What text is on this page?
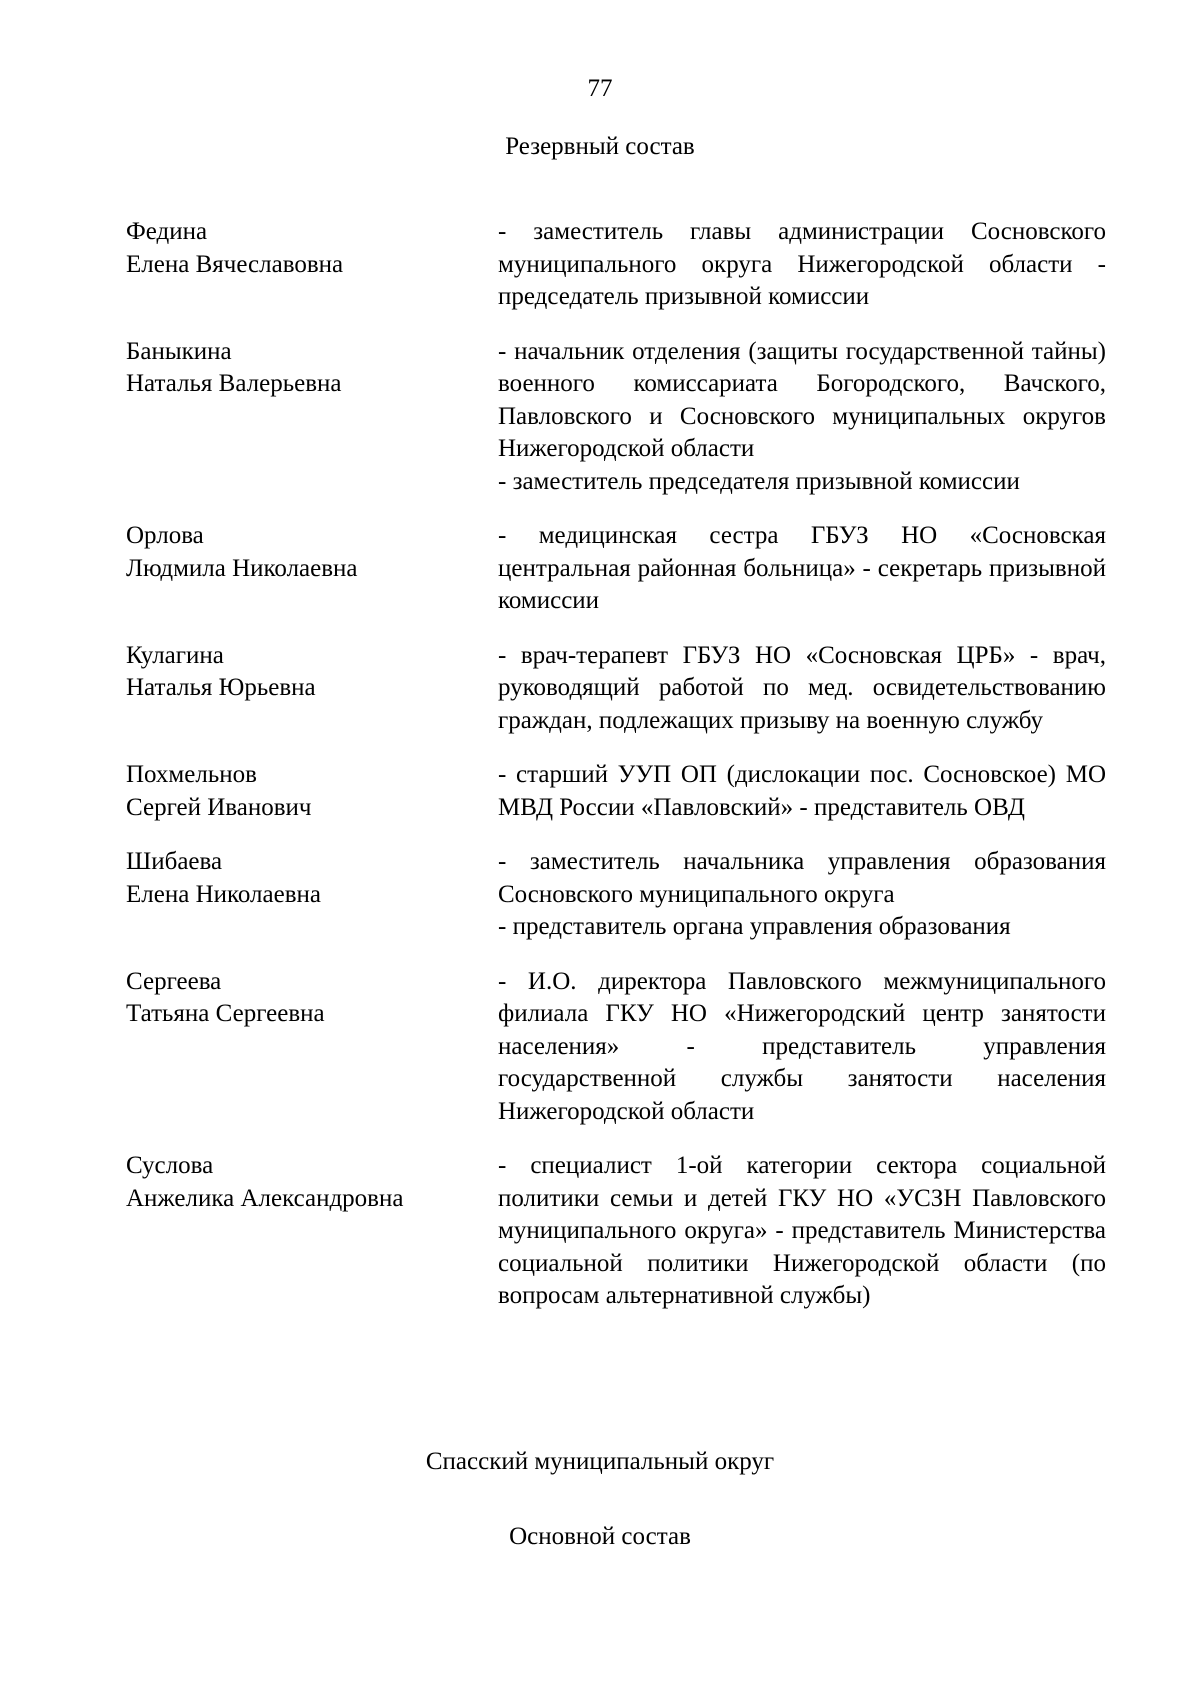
77
Резервный состав
Федина
Елена Вячеславовна
- заместитель главы администрации Сосновского муниципального округа Нижегородской области - председатель призывной комиссии
Баныкина
Наталья Валерьевна
- начальник отделения (защиты государственной тайны) военного комиссариата Богородского, Вачского, Павловского и Сосновского муниципальных округов Нижегородской области
- заместитель председателя призывной комиссии
Орлова
Людмила Николаевна
- медицинская сестра ГБУЗ НО «Сосновская центральная районная больница» - секретарь призывной комиссии
Кулагина
Наталья Юрьевна
- врач-терапевт ГБУЗ НО «Сосновская ЦРБ» - врач, руководящий работой по мед. освидетельствованию граждан, подлежащих призыву на военную службу
Похмельнов
Сергей Иванович
- старший УУП ОП (дислокации пос. Сосновское) МО МВД России «Павловский» - представитель ОВД
Шибаева
Елена Николаевна
- заместитель начальника управления образования Сосновского муниципального округа
- представитель органа управления образования
Сергеева
Татьяна Сергеевна
- И.О. директора Павловского межмуниципального филиала ГКУ НО «Нижегородский центр занятости населения» - представитель управления государственной службы занятости населения Нижегородской области
Суслова
Анжелика Александровна
- специалист 1-ой категории сектора социальной политики семьи и детей ГКУ НО «УСЗН Павловского муниципального округа» - представитель Министерства социальной политики Нижегородской области (по вопросам альтернативной службы)
Спасский муниципальный округ
Основной состав
